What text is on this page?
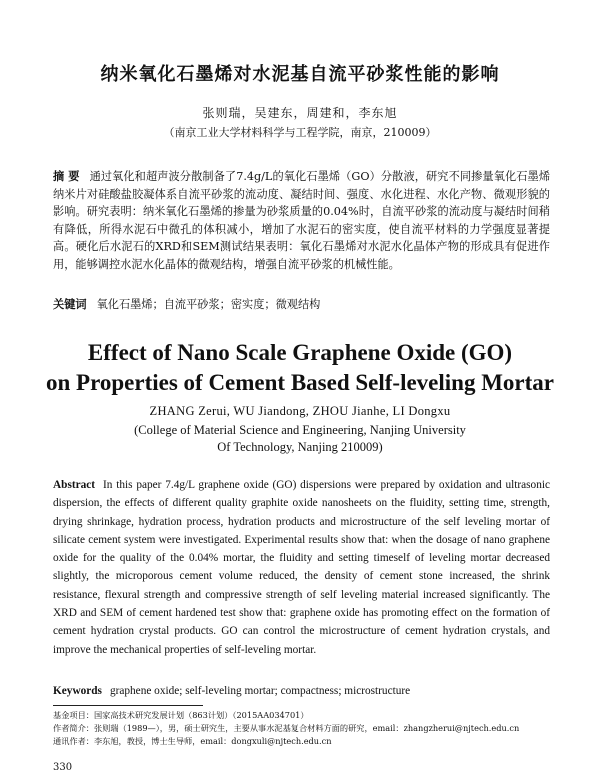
纳米氧化石墨烯对水泥基自流平砂浆性能的影响
张则瑞，吴建东，周建和，李东旭
（南京工业大学材料科学与工程学院，南京，210009）
摘 要 通过氧化和超声波分散制备了7.4g/L的氧化石墨烯（GO）分散液，研究不同掺量氧化石墨烯纳米片对硅酸盐胶凝体系自流平砂浆的流动度、凝结时间、强度、水化进程、水化产物、微观形貌的影响。研究表明：纳米氧化石墨烯的掺量为砂浆质量的0.04%时，自流平砂浆的流动度与凝结时间稍有降低，所得水泥石中微孔的体积减小，增加了水泥石的密实度，使自流平材料的力学强度显著提高。硬化后水泥石的XRD和SEM测试结果表明：氧化石墨烯对水泥水化晶体产物的形成具有促进作用，能够调控水泥水化晶体的微观结构，增强自流平砂浆的机械性能。
关键词 氧化石墨烯；自流平砂浆；密实度；微观结构
Effect of Nano Scale Graphene Oxide (GO)
on Properties of Cement Based Self-leveling Mortar
ZHANG Zerui, WU Jiandong, ZHOU Jianhe, LI Dongxu
(College of Material Science and Engineering, Nanjing University
Of Technology, Nanjing 210009)
Abstract In this paper 7.4g/L graphene oxide (GO) dispersions were prepared by oxidation and ultrasonic dispersion, the effects of different quality graphite oxide nanosheets on the fluidity, setting time, strength, drying shrinkage, hydration process, hydration products and microstructure of the self leveling mortar of silicate cement system were investigated. Experimental results show that: when the dosage of nano graphene oxide for the quality of the 0.04% mortar, the fluidity and setting timeself of leveling mortar decreased slightly, the microporous cement volume reduced, the density of cement stone increased, the shrink resistance, flexural strength and compressive strength of self leveling material increased significantly. The XRD and SEM of cement hardened test show that: graphene oxide has promoting effect on the formation of cement hydration crystal products. GO can control the microstructure of cement hydration crystals, and improve the mechanical properties of self-leveling mortar.
Keywords graphene oxide; self-leveling mortar; compactness; microstructure
基金项目：国家高技术研究发展计划（863计划）（2015AA034701）
作者简介：张则瑞（1989—），男，硕士研究生，主要从事水泥基复合材料方面的研究，email：zhangzherui@njtech.edu.cn
通讯作者：李东旭，教授，博士生导师，email：dongxuli@njtech.edu.cn
330
